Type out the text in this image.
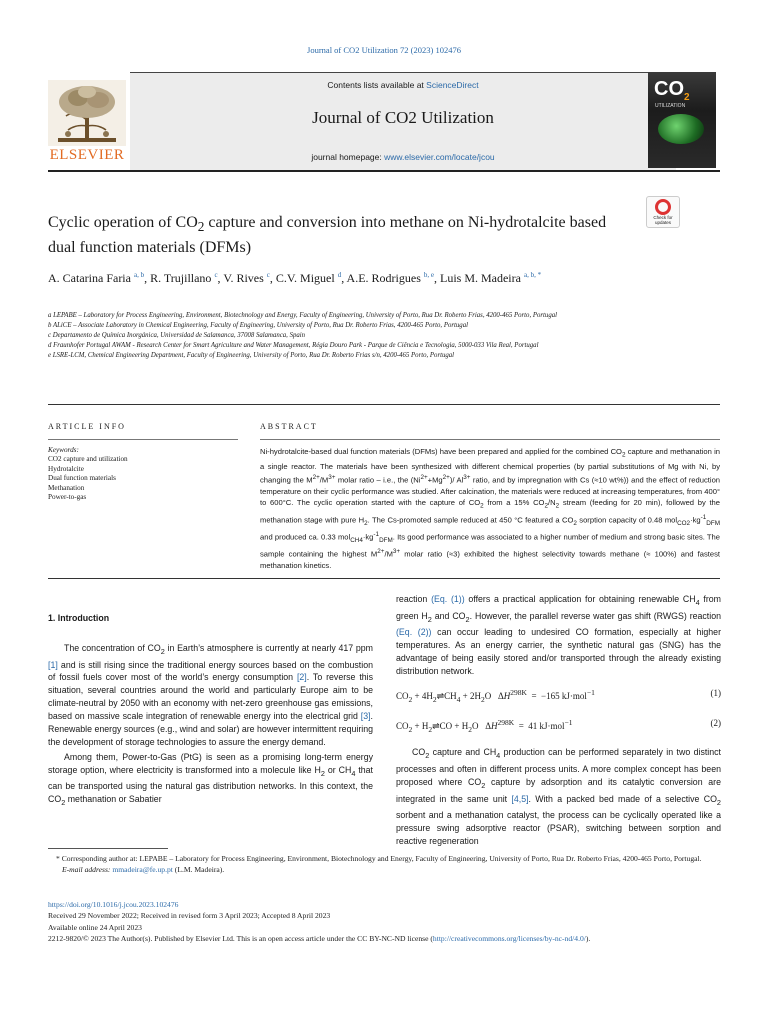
Journal of CO2 Utilization 72 (2023) 102476
ELSEVIER
Contents lists available at ScienceDirect
Journal of CO2 Utilization
journal homepage: www.elsevier.com/locate/jcou
$CO_2$
UTILIZATION
Check for
updates
Cyclic operation of $CO_2$ capture and conversion into methane on Ni-hydrotalcite based dual function materials (DFMs)
A. Catarina Faria $^{a, b}$, R. Trujillano $^c$, V. Rives $^c$, C.V. Miguel $^d$, A.E. Rodrigues $^{b, e}$, Luis M. Madeira $^{a, b, *}$
a LEPABE – Laboratory for Process Engineering, Environment, Biotechnology and Energy, Faculty of Engineering, University of Porto, Rua Dr. Roberto Frias, 4200-465 Porto, Portugal
b ALiCE – Associate Laboratory in Chemical Engineering, Faculty of Engineering, University of Porto, Rua Dr. Roberto Frias, 4200-465 Porto, Portugal
c Departamento de Química Inorgánica, Universidad de Salamanca, 37008 Salamanca, Spain
d Fraunhofer Portugal AWAM - Research Center for Smart Agriculture and Water Management, Régia Douro Park - Parque de Ciência e Tecnologia, 5000-033 Vila Real, Portugal
e LSRE-LCM, Chemical Engineering Department, Faculty of Engineering, University of Porto, Rua Dr. Roberto Frias s/n, 4200-465 Porto, Portugal
ARTICLE INFO	ABSTRACT
Keywords:
CO2 capture and utilization
Hydrotalcite
Dual function materials
Methanation
Power-to-gas
Ni-hydrotalcite-based dual function materials (DFMs) have been prepared and applied for the combined $CO_2$ capture and methanation in a single reactor. The materials have been synthesized with different chemical properties (by partial substitutions of Mg with Ni, by changing the $M^{2+}/M^{3+}$ molar ratio – i.e., the $(Ni^{2+}+Mg^{2+})/$ $Al^{3+}$ ratio, and by impregnation with Cs (≈10 wt%)) and the effect of reduction temperature on their cyclic performance was studied. After calcination, the materials were reduced at increasing temperatures, from 400° to 600°C. The cyclic operation started with the capture of $CO_2$ from a 15% $CO_2/N_2$ stream (feeding for 20 min), followed by the methanation stage with pure $H_2$. The Cs-promoted sample reduced at 450 °C featured a $CO_2$ sorption capacity of 0.48 $mol_{CO2}\cdot kg^{-1}_{DFM}$ and produced ca. 0.33 $mol_{CH4}\cdot kg^{-1}_{DFM}$. Its good performance was associated to a higher number of medium and strong basic sites. The sample containing the highest $M^{2+}/M^{3+}$ molar ratio (≈3) exhibited the highest selectivity towards methane (≈ 100%) and fastest methanation kinetics.
1. Introduction

The concentration of $CO_2$ in Earth’s atmosphere is currently at nearly 417 ppm [1] and is still rising since the traditional energy sources based on the combustion of fossil fuels cover most of the world’s energy consumption [2]. To reverse this situation, several countries around the world and particularly Europe aim to be climate-neutral by 2050 with an economy with net-zero greenhouse gas emissions, based on massive scale integration of renewable energy into the electrical grid [3]. Renewable energy sources (e.g., wind and solar) are however intermittent requiring the development of storage technologies to assure the energy demand.

Among them, Power-to-Gas (PtG) is seen as a promising long-term energy storage option, where electricity is transformed into a molecule like $H_2$ or $CH_4$ that can be transported using the natural gas distribution networks. In this context, the $CO_2$ methanation or Sabatier

reaction (Eq. (1)) offers a practical application for obtaining renewable $CH_4$ from green $H_2$ and $CO_2$. However, the parallel reverse water gas shift (RWGS) reaction (Eq. (2)) can occur leading to undesired CO formation, especially at higher temperatures. As an energy carrier, the synthetic natural gas (SNG) has the advantage of being easily stored and/or transported through the already existing distribution network.

$CO_2$ + $4H_2\rightleftharpoons CH_4 + 2H_2O$   $\Delta H^{298K} = -165$ kJ·mol$^{-1}$	(1)
$CO_2$ + $H_2\rightleftharpoons CO + H_2O$   $\Delta H^{298K} = 41$ kJ·mol$^{-1}$	(2)

$CO_2$ capture and $CH_4$ production can be performed separately in two distinct processes and often in different process units. A more complex concept has been proposed where $CO_2$ capture by adsorption and its catalytic conversion are integrated in the same unit [4,5]. With a packed bed made of a selective $CO_2$ sorbent and a methanation catalyst, the process can be cyclically operated like a pressure swing adsorptive reactor (PSAR), switching between sorption and reactive regeneration

* Corresponding author at: LEPABE – Laboratory for Process Engineering, Environment, Biotechnology and Energy, Faculty of Engineering, University of Porto, Rua Dr. Roberto Frias, 4200-465 Porto, Portugal.
E-mail address: mmadeira@fe.up.pt (L.M. Madeira).
https://doi.org/10.1016/j.jcou.2023.102476
Received 29 November 2022; Received in revised form 3 April 2023; Accepted 8 April 2023
Available online 24 April 2023
2212-9820/© 2023 The Author(s). Published by Elsevier Ltd. This is an open access article under the CC BY-NC-ND license (http://creativecommons.org/licenses/by-nc-nd/4.0/).
